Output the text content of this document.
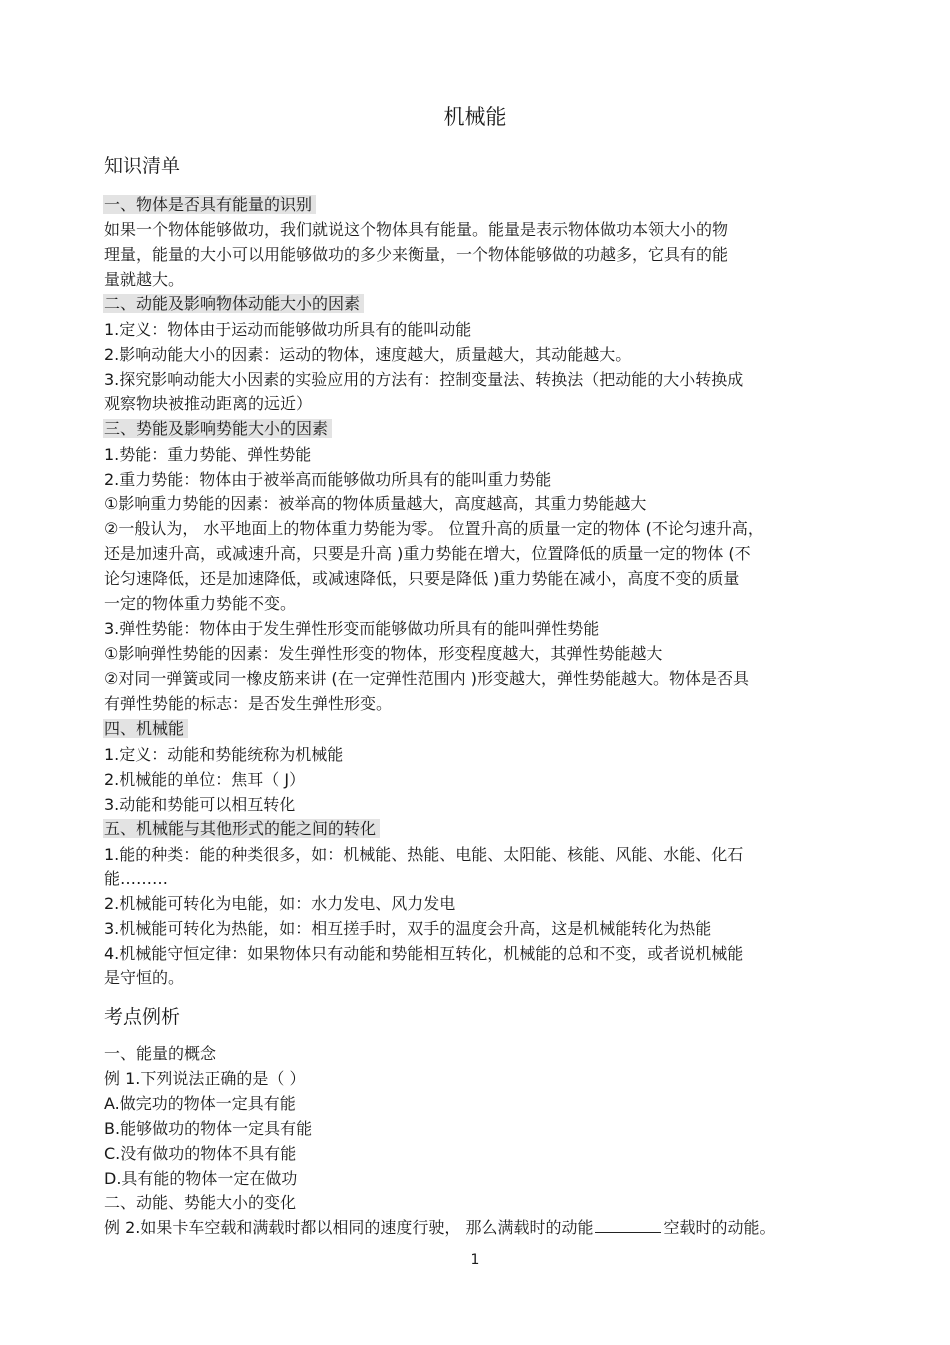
机械能
知识清单
一、物体是否具有能量的识别
如果一个物体能够做功，我们就说这个物体具有能量。能量是表示物体做功本领大小的物
理量，能量的大小可以用能够做功的多少来衡量，一个物体能够做的功越多，它具有的能
量就越大。
二、动能及影响物体动能大小的因素
1.定义：物体由于运动而能够做功所具有的能叫动能
2.影响动能大小的因素：运动的物体，速度越大，质量越大，其动能越大。
3.探究影响动能大小因素的实验应用的方法有：控制变量法、转换法（把动能的大小转换成
观察物块被推动距离的远近）
三、势能及影响势能大小的因素
1.势能：重力势能、弹性势能
2.重力势能：物体由于被举高而能够做功所具有的能叫重力势能
①影响重力势能的因素：被举高的物体质量越大，高度越高，其重力势能越大
②一般认为， 水平地面上的物体重力势能为零。 位置升高的质量一定的物体 (不论匀速升高，
还是加速升高，或减速升高，只要是升高 )重力势能在增大，位置降低的质量一定的物体 (不
论匀速降低，还是加速降低，或减速降低，只要是降低 )重力势能在减小，高度不变的质量
一定的物体重力势能不变。
3.弹性势能：物体由于发生弹性形变而能够做功所具有的能叫弹性势能
①影响弹性势能的因素：发生弹性形变的物体，形变程度越大，其弹性势能越大
②对同一弹簧或同一橡皮筋来讲 (在一定弹性范围内 )形变越大，弹性势能越大。物体是否具
有弹性势能的标志：是否发生弹性形变。
四、机械能
1.定义：动能和势能统称为机械能
2.机械能的单位：焦耳（ J）
3.动能和势能可以相互转化
五、机械能与其他形式的能之间的转化
1.能的种类：能的种类很多，如：机械能、热能、电能、太阳能、核能、风能、水能、化石
能………
2.机械能可转化为电能，如：水力发电、风力发电
3.机械能可转化为热能，如：相互搓手时，双手的温度会升高，这是机械能转化为热能
4.机械能守恒定律：如果物体只有动能和势能相互转化，机械能的总和不变，或者说机械能
是守恒的。
考点例析
一、能量的概念
例 1.下列说法正确的是（ ）
A.做完功的物体一定具有能
B.能够做功的物体一定具有能
C.没有做功的物体不具有能
D.具有能的物体一定在做功
二、动能、势能大小的变化
例 2.如果卡车空载和满载时都以相同的速度行驶， 那么满载时的动能	空载时的动能。
1
